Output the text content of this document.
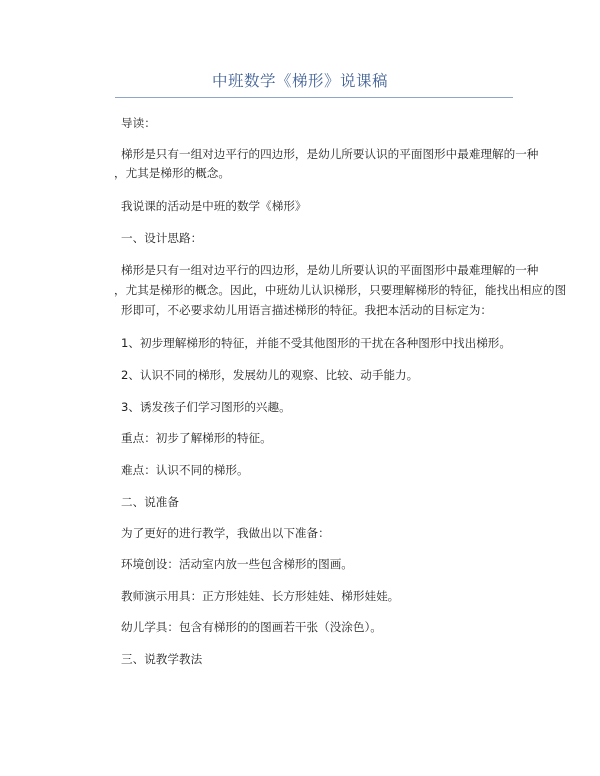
中班数学《梯形》说课稿
导读：
梯形是只有一组对边平行的四边形，是幼儿所要认识的平面图形中最难理解的一种
，尤其是梯形的概念。
我说课的活动是中班的数学《梯形》
一、设计思路：
梯形是只有一组对边平行的四边形，是幼儿所要认识的平面图形中最难理解的一种
，尤其是梯形的概念。因此，中班幼儿认识梯形，只要理解梯形的特征，能找出相应的图
形即可，不必要求幼儿用语言描述梯形的特征。我把本活动的目标定为：
1、初步理解梯形的特征，并能不受其他图形的干扰在各种图形中找出梯形。
2、认识不同的梯形，发展幼儿的观察、比较、动手能力。
3、诱发孩子们学习图形的兴趣。
重点：初步了解梯形的特征。
难点：认识不同的梯形。
二、说准备
为了更好的进行教学，我做出以下准备：
环境创设：活动室内放一些包含梯形的图画。
教师演示用具：正方形娃娃、长方形娃娃、梯形娃娃。
幼儿学具：包含有梯形的的图画若干张（没涂色）。
三、说教学教法
